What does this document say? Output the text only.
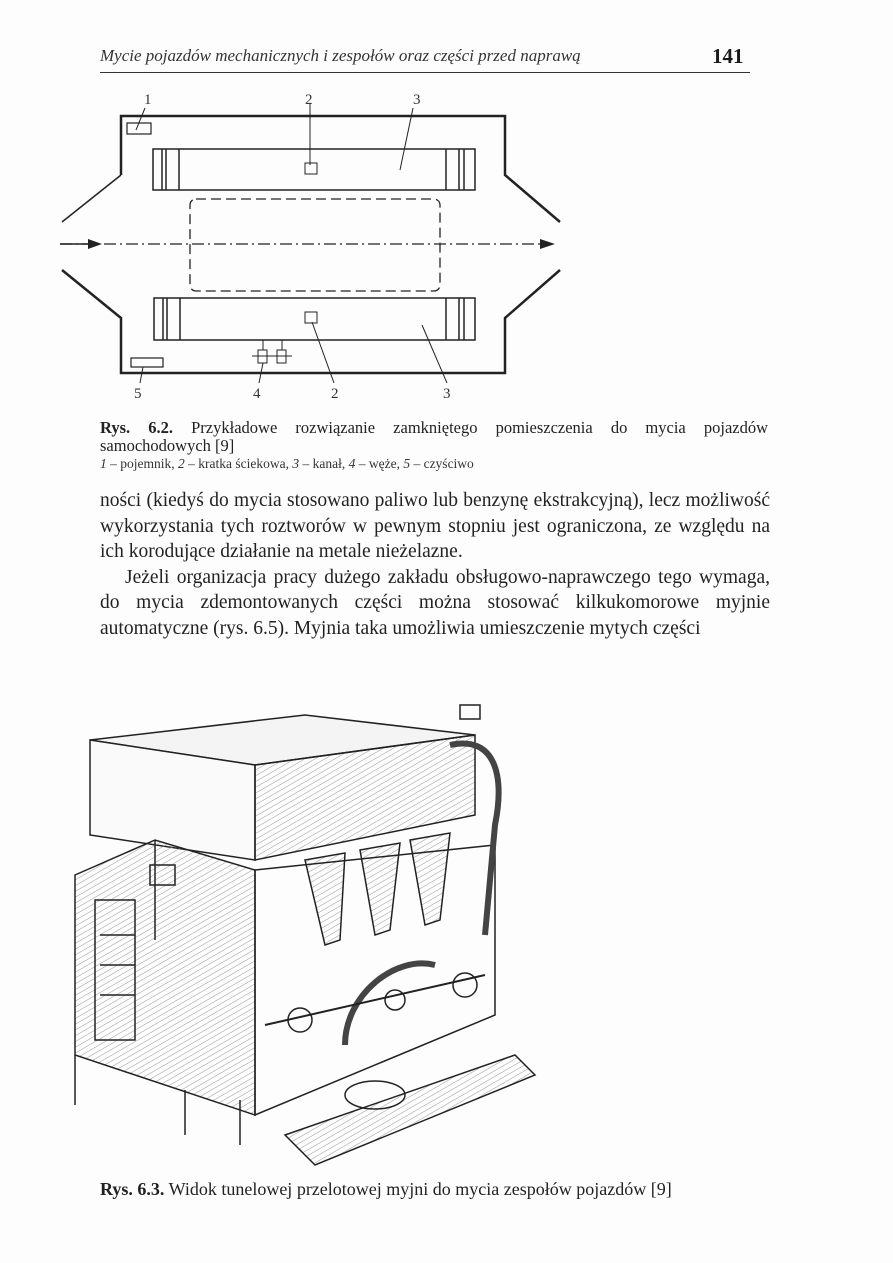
Mycie pojazdów mechanicznych i zespołów oraz części przed naprawą	141
1	2	3
5	4	2	3
Rys. 6.2. Przykładowe rozwiązanie zamkniętego pomieszczenia do mycia pojazdów samochodowych [9]
1 – pojemnik, 2 – kratka ściekowa, 3 – kanał, 4 – węże, 5 – czyściwo

ności (kiedyś do mycia stosowano paliwo lub benzynę ekstrakcyjną), lecz możliwość wykorzystania tych roztworów w pewnym stopniu jest ograniczona, ze względu na ich korodujące działanie na metale nieżelazne.

Jeżeli organizacja pracy dużego zakładu obsługowo-naprawczego tego wymaga, do mycia zdemontowanych części można stosować kilkukomorowe myjnie automatyczne (rys. 6.5). Myjnia taka umożliwia umieszczenie mytych części

Rys. 6.3. Widok tunelowej przelotowej myjni do mycia zespołów pojazdów [9]
